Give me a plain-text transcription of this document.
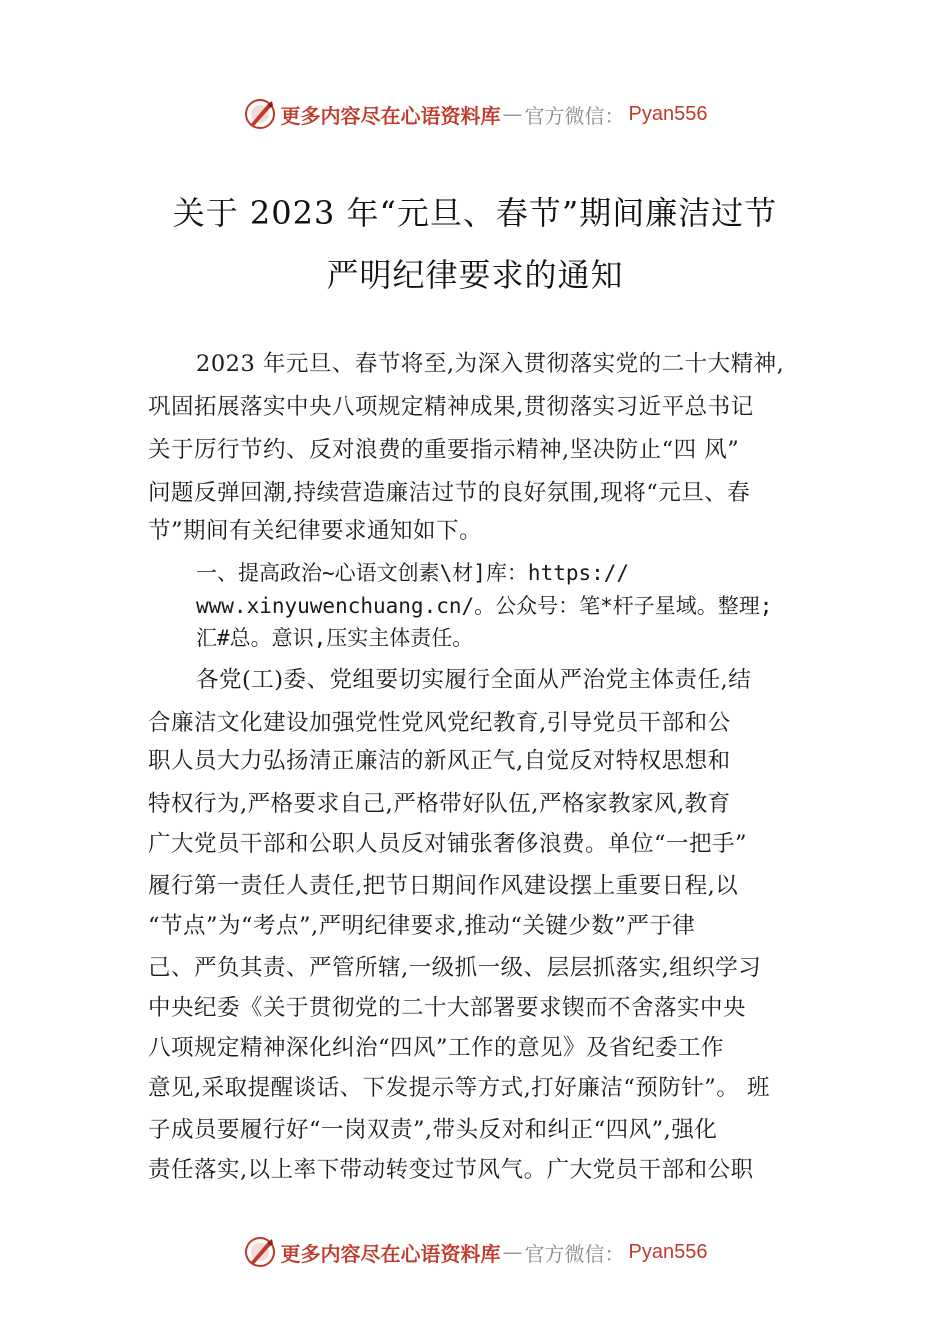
更多内容尽在心语资料库 — 官方微信： Pyan556
关于 2023 年“元旦、春节”期间廉洁过节
严明纪律要求的通知
2023 年元旦、春节将至,为深入贯彻落实党的二十大精神,
巩固拓展落实中央八项规定精神成果,贯彻落实习近平总书记
关于厉行节约、反对浪费的重要指示精神,坚决防止“四 风”
问题反弹回潮,持续营造廉洁过节的良好氛围,现将“元旦、春
节”期间有关纪律要求通知如下。
一、提高政治~心语文创素\材]库：https://
www.xinyuwenchuang.cn/。公众号：笔*杆子星域。整理;
汇#总。意识,压实主体责任。
各党(工)委、党组要切实履行全面从严治党主体责任,结
合廉洁文化建设加强党性党风党纪教育,引导党员干部和公
职人员大力弘扬清正廉洁的新风正气,自觉反对特权思想和
特权行为,严格要求自己,严格带好队伍,严格家教家风,教育
广大党员干部和公职人员反对铺张奢侈浪费。单位“一把手”
履行第一责任人责任,把节日期间作风建设摆上重要日程,以
“节点”为“考点”,严明纪律要求,推动“关键少数”严于律
己、严负其责、严管所辖,一级抓一级、层层抓落实,组织学习
中央纪委《关于贯彻党的二十大部署要求锲而不舍落实中央
八项规定精神深化纠治“四风”工作的意见》及省纪委工作
意见,采取提醒谈话、下发提示等方式,打好廉洁“预防针”。 班
子成员要履行好“一岗双责”,带头反对和纠正“四风”,强化
责任落实,以上率下带动转变过节风气。广大党员干部和公职
更多内容尽在心语资料库 — 官方微信： Pyan556
